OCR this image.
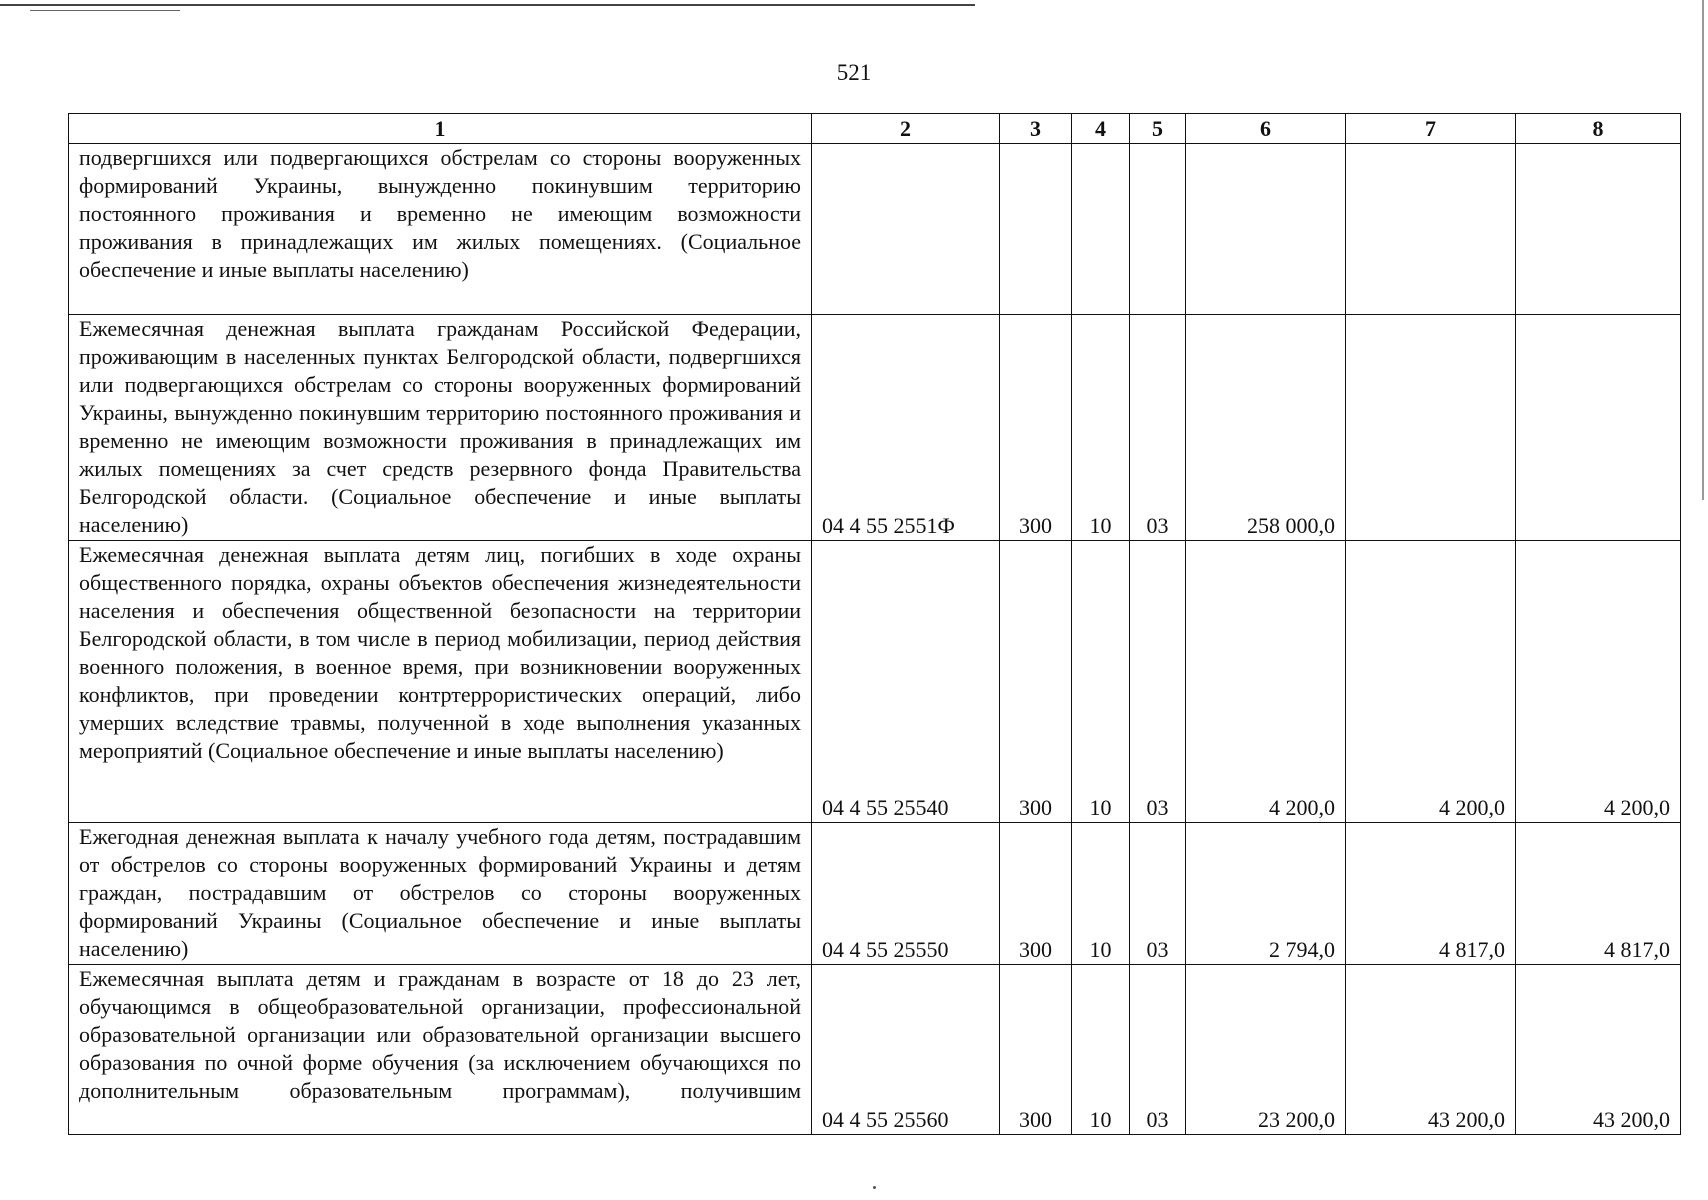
521
1	2	3	4	5	6	7	8
подвергшихся или подвергающихся обстрелам со стороны вооруженных формирований Украины, вынужденно покинувшим территорию постоянного проживания и временно не имеющим возможности проживания в принадлежащих им жилых помещениях. (Социальное обеспечение и иные выплаты населению)							
Ежемесячная денежная выплата гражданам Российской Федерации, проживающим в населенных пунктах Белгородской области, подвергшихся или подвергающихся обстрелам со стороны вооруженных формирований Украины, вынужденно покинувшим территорию постоянного проживания и временно не имеющим возможности проживания в принадлежащих им жилых помещениях за счет средств резервного фонда Правительства Белгородской области. (Социальное обеспечение и иные выплаты населению)	04 4 55 2551Ф	300	10	03	258 000,0		
Ежемесячная денежная выплата детям лиц, погибших в ходе охраны общественного порядка, охраны объектов обеспечения жизнедеятельности населения и обеспечения общественной безопасности на территории Белгородской области, в том числе в период мобилизации, период действия военного положения, в военное время, при возникновении вооруженных конфликтов, при проведении контртеррористических операций, либо умерших вследствие травмы, полученной в ходе выполнения указанных мероприятий (Социальное обеспечение и иные выплаты населению)	04 4 55 25540	300	10	03	4 200,0	4 200,0	4 200,0
Ежегодная денежная выплата к началу учебного года детям, пострадавшим от обстрелов со стороны вооруженных формирований Украины и детям граждан, пострадавшим от обстрелов со стороны вооруженных формирований Украины (Социальное обеспечение и иные выплаты населению)	04 4 55 25550	300	10	03	2 794,0	4 817,0	4 817,0
Ежемесячная выплата детям и гражданам в возрасте от 18 до 23 лет, обучающимся в общеобразовательной организации, профессиональной образовательной организации или образовательной организации высшего образования по очной форме обучения (за исключением обучающихся по дополнительным образовательным программам), получившим	04 4 55 25560	300	10	03	23 200,0	43 200,0	43 200,0
